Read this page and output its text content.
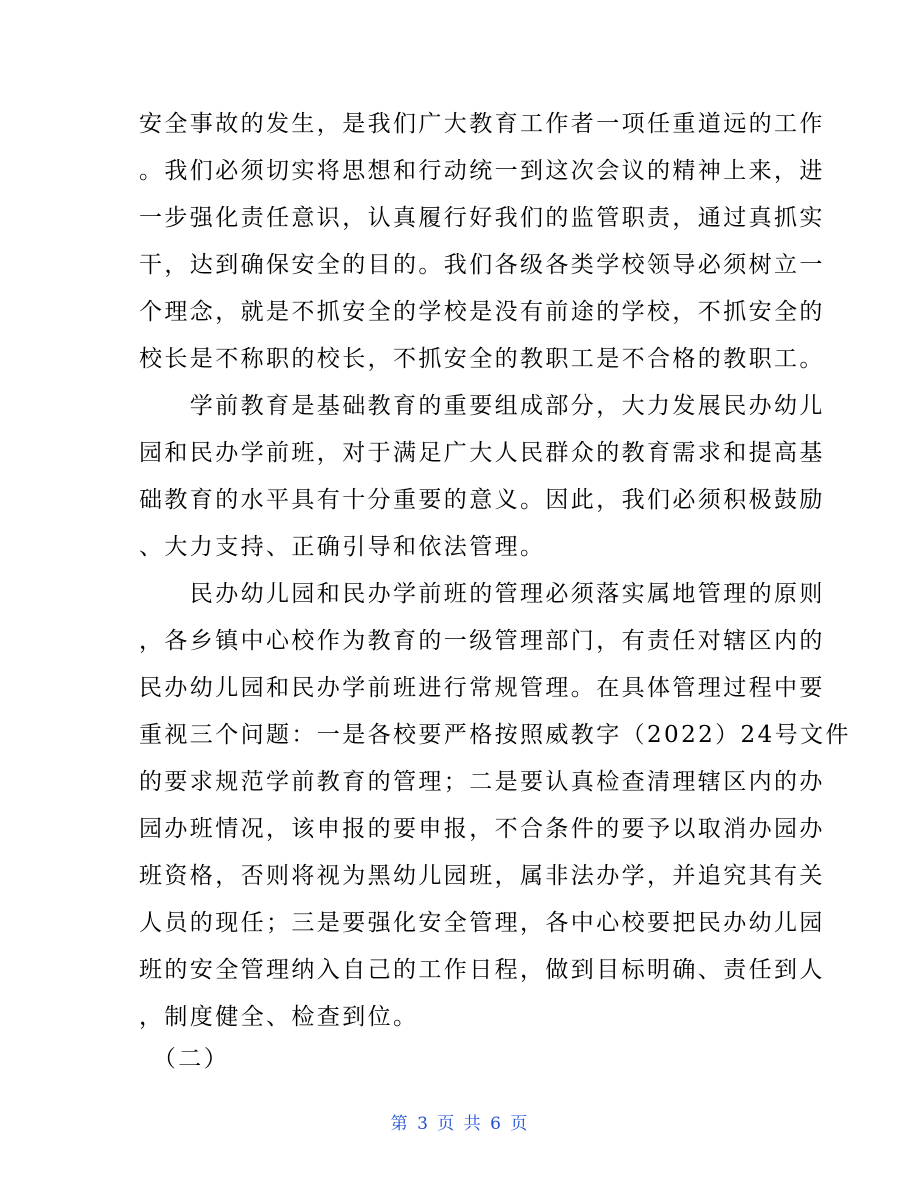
安全事故的发生，是我们广大教育工作者一项任重道远的工作
。我们必须切实将思想和行动统一到这次会议的精神上来，进
一步强化责任意识，认真履行好我们的监管职责，通过真抓实
干，达到确保安全的目的。我们各级各类学校领导必须树立一
个理念，就是不抓安全的学校是没有前途的学校，不抓安全的
校长是不称职的校长，不抓安全的教职工是不合格的教职工。
　　学前教育是基础教育的重要组成部分，大力发展民办幼儿
园和民办学前班，对于满足广大人民群众的教育需求和提高基
础教育的水平具有十分重要的意义。因此，我们必须积极鼓励
、大力支持、正确引导和依法管理。
　　民办幼儿园和民办学前班的管理必须落实属地管理的原则
，各乡镇中心校作为教育的一级管理部门，有责任对辖区内的
民办幼儿园和民办学前班进行常规管理。在具体管理过程中要
重视三个问题：一是各校要严格按照威教字（2022）24号文件
的要求规范学前教育的管理；二是要认真检查清理辖区内的办
园办班情况，该申报的要申报，不合条件的要予以取消办园办
班资格，否则将视为黑幼儿园班，属非法办学，并追究其有关
人员的现任；三是要强化安全管理，各中心校要把民办幼儿园
班的安全管理纳入自己的工作日程，做到目标明确、责任到人
，制度健全、检查到位。
　（二）
第 3 页 共 6 页
